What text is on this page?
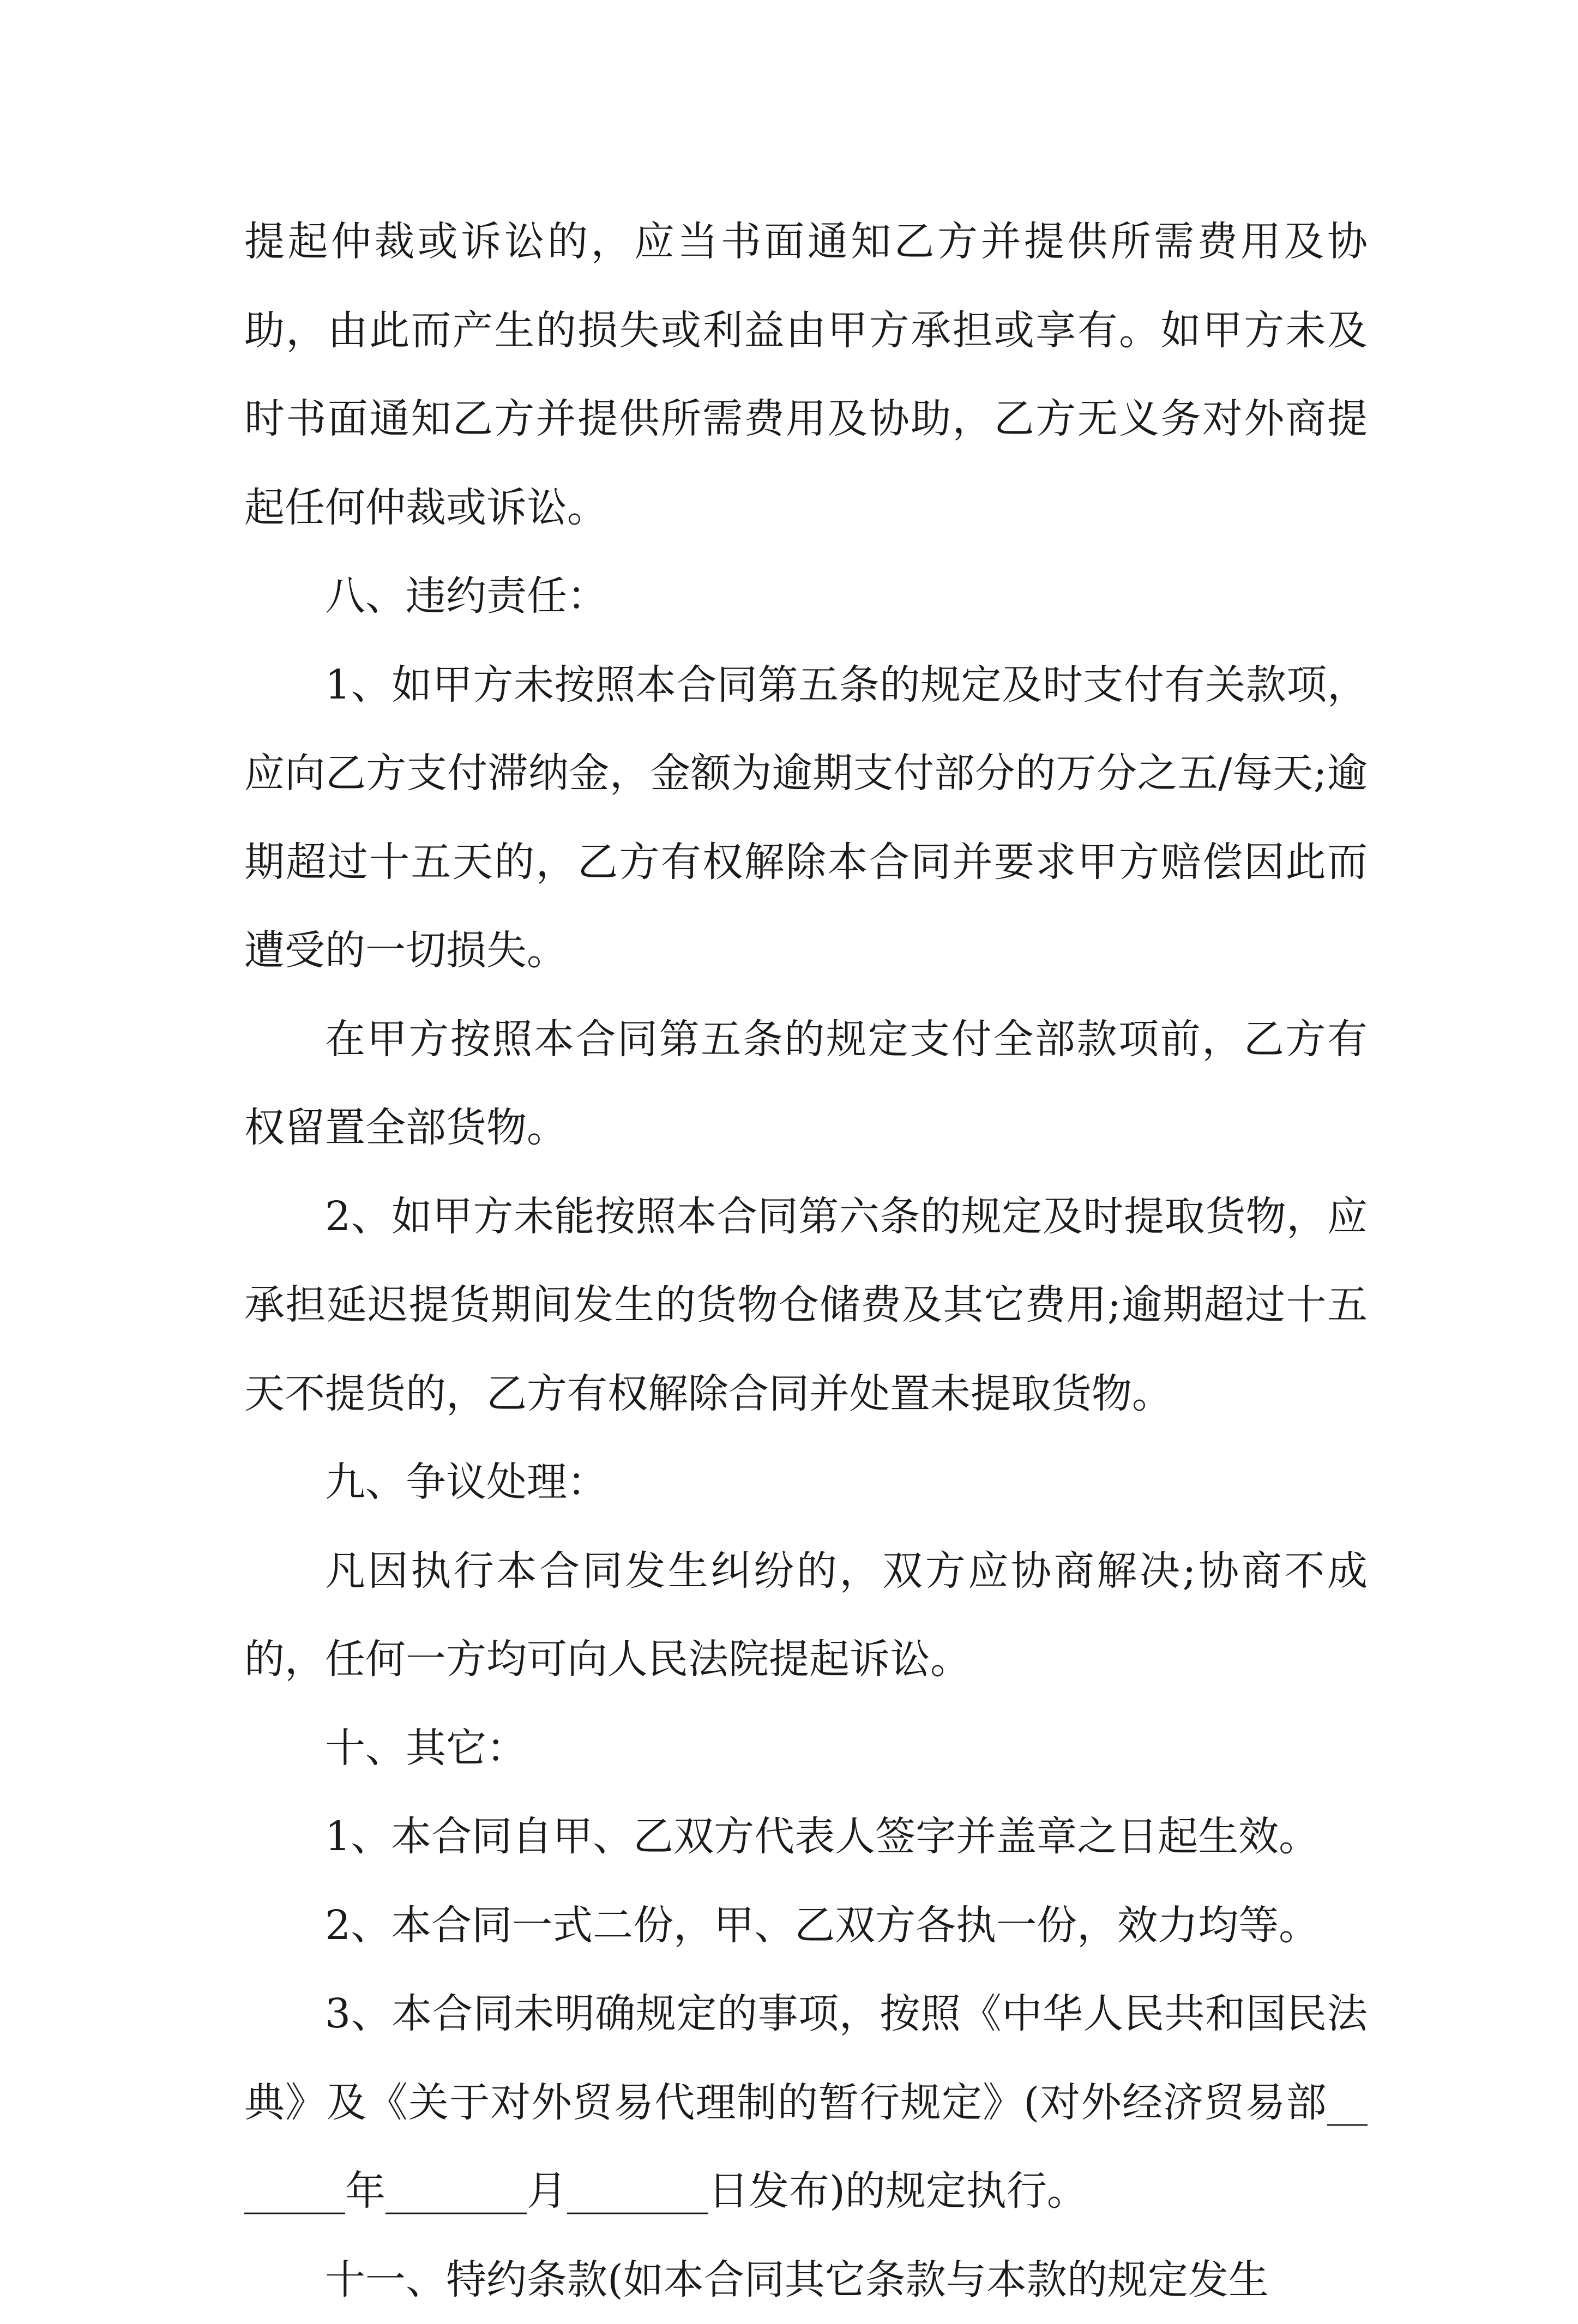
提起仲裁或诉讼的，应当书面通知乙方并提供所需费用及协助，由此而产生的损失或利益由甲方承担或享有。如甲方未及时书面通知乙方并提供所需费用及协助，乙方无义务对外商提起任何仲裁或诉讼。

八、违约责任：

1、如甲方未按照本合同第五条的规定及时支付有关款项，应向乙方支付滞纳金，金额为逾期支付部分的万分之五/每天;逾期超过十五天的，乙方有权解除本合同并要求甲方赔偿因此而遭受的一切损失。

在甲方按照本合同第五条的规定支付全部款项前，乙方有权留置全部货物。

2、如甲方未能按照本合同第六条的规定及时提取货物，应承担延迟提货期间发生的货物仓储费及其它费用;逾期超过十五天不提货的，乙方有权解除合同并处置未提取货物。

九、争议处理：

凡因执行本合同发生纠纷的，双方应协商解决;协商不成的，任何一方均可向人民法院提起诉讼。

十、其它：

1、本合同自甲、乙双方代表人签字并盖章之日起生效。

2、本合同一式二份，甲、乙双方各执一份，效力均等。

3、本合同未明确规定的事项，按照《中华人民共和国民法典》及《关于对外贸易代理制的暂行规定》(对外经济贸易部_______年_______月_______日发布)的规定执行。

十一、特约条款(如本合同其它条款与本款的规定发生
